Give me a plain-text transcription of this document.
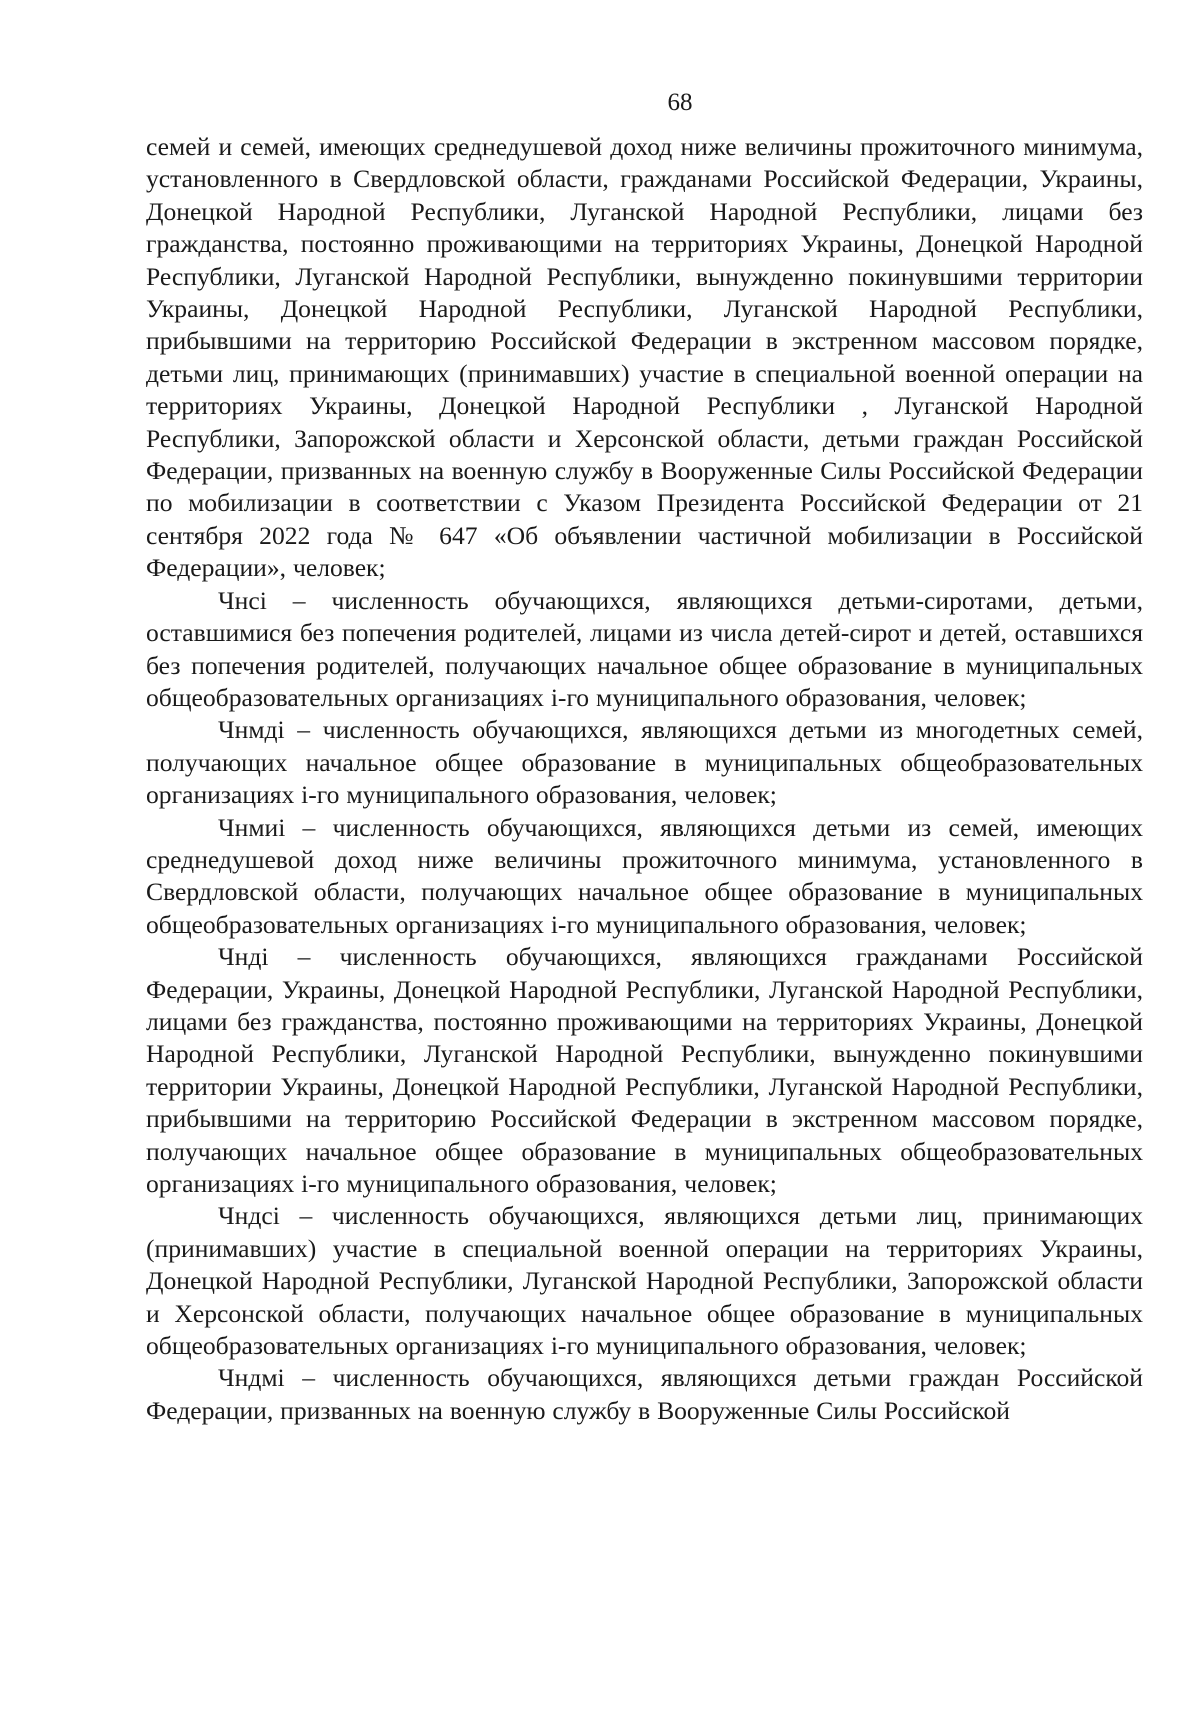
68

семей и семей, имеющих среднедушевой доход ниже величины прожиточного минимума, установленного в Свердловской области, гражданами Российской Федерации, Украины, Донецкой Народной Республики, Луганской Народной Республики, лицами без гражданства, постоянно проживающими на территориях Украины, Донецкой Народной Республики, Луганской Народной Республики, вынужденно покинувшими территории Украины, Донецкой Народной Республики, Луганской Народной Республики, прибывшими на территорию Российской Федерации в экстренном массовом порядке, детьми лиц, принимающих (принимавших) участие в специальной военной операции на территориях Украины, Донецкой Народной Республики , Луганской Народной Республики, Запорожской области и Херсонской области, детьми граждан Российской Федерации, призванных на военную службу в Вооруженные Силы Российской Федерации по мобилизации в соответствии с Указом Президента Российской Федерации от 21 сентября 2022 года № 647 «Об объявлении частичной мобилизации в Российской Федерации», человек;

Чнсi – численность обучающихся, являющихся детьми-сиротами, детьми, оставшимися без попечения родителей, лицами из числа детей-сирот и детей, оставшихся без попечения родителей, получающих начальное общее образование в муниципальных общеобразовательных организациях i-го муниципального образования, человек;

Чнмдi – численность обучающихся, являющихся детьми из многодетных семей, получающих начальное общее образование в муниципальных общеобразовательных организациях i-го муниципального образования, человек;

Чнмиi – численность обучающихся, являющихся детьми из семей, имеющих среднедушевой доход ниже величины прожиточного минимума, установленного в Свердловской области, получающих начальное общее образование в муниципальных общеобразовательных организациях i-го муниципального образования, человек;

Чндi – численность обучающихся, являющихся гражданами Российской Федерации, Украины, Донецкой Народной Республики, Луганской Народной Республики, лицами без гражданства, постоянно проживающими на территориях Украины, Донецкой Народной Республики, Луганской Народной Республики, вынужденно покинувшими территории Украины, Донецкой Народной Республики, Луганской Народной Республики, прибывшими на территорию Российской Федерации в экстренном массовом порядке, получающих начальное общее образование в муниципальных общеобразовательных организациях i-го муниципального образования, человек;

Чндсi – численность обучающихся, являющихся детьми лиц, принимающих (принимавших) участие в специальной военной операции на территориях Украины, Донецкой Народной Республики, Луганской Народной Республики, Запорожской области и Херсонской области, получающих начальное общее образование в муниципальных общеобразовательных организациях i-го муниципального образования, человек;

Чндмi – численность обучающихся, являющихся детьми граждан Российской Федерации, призванных на военную службу в Вооруженные Силы Российской
